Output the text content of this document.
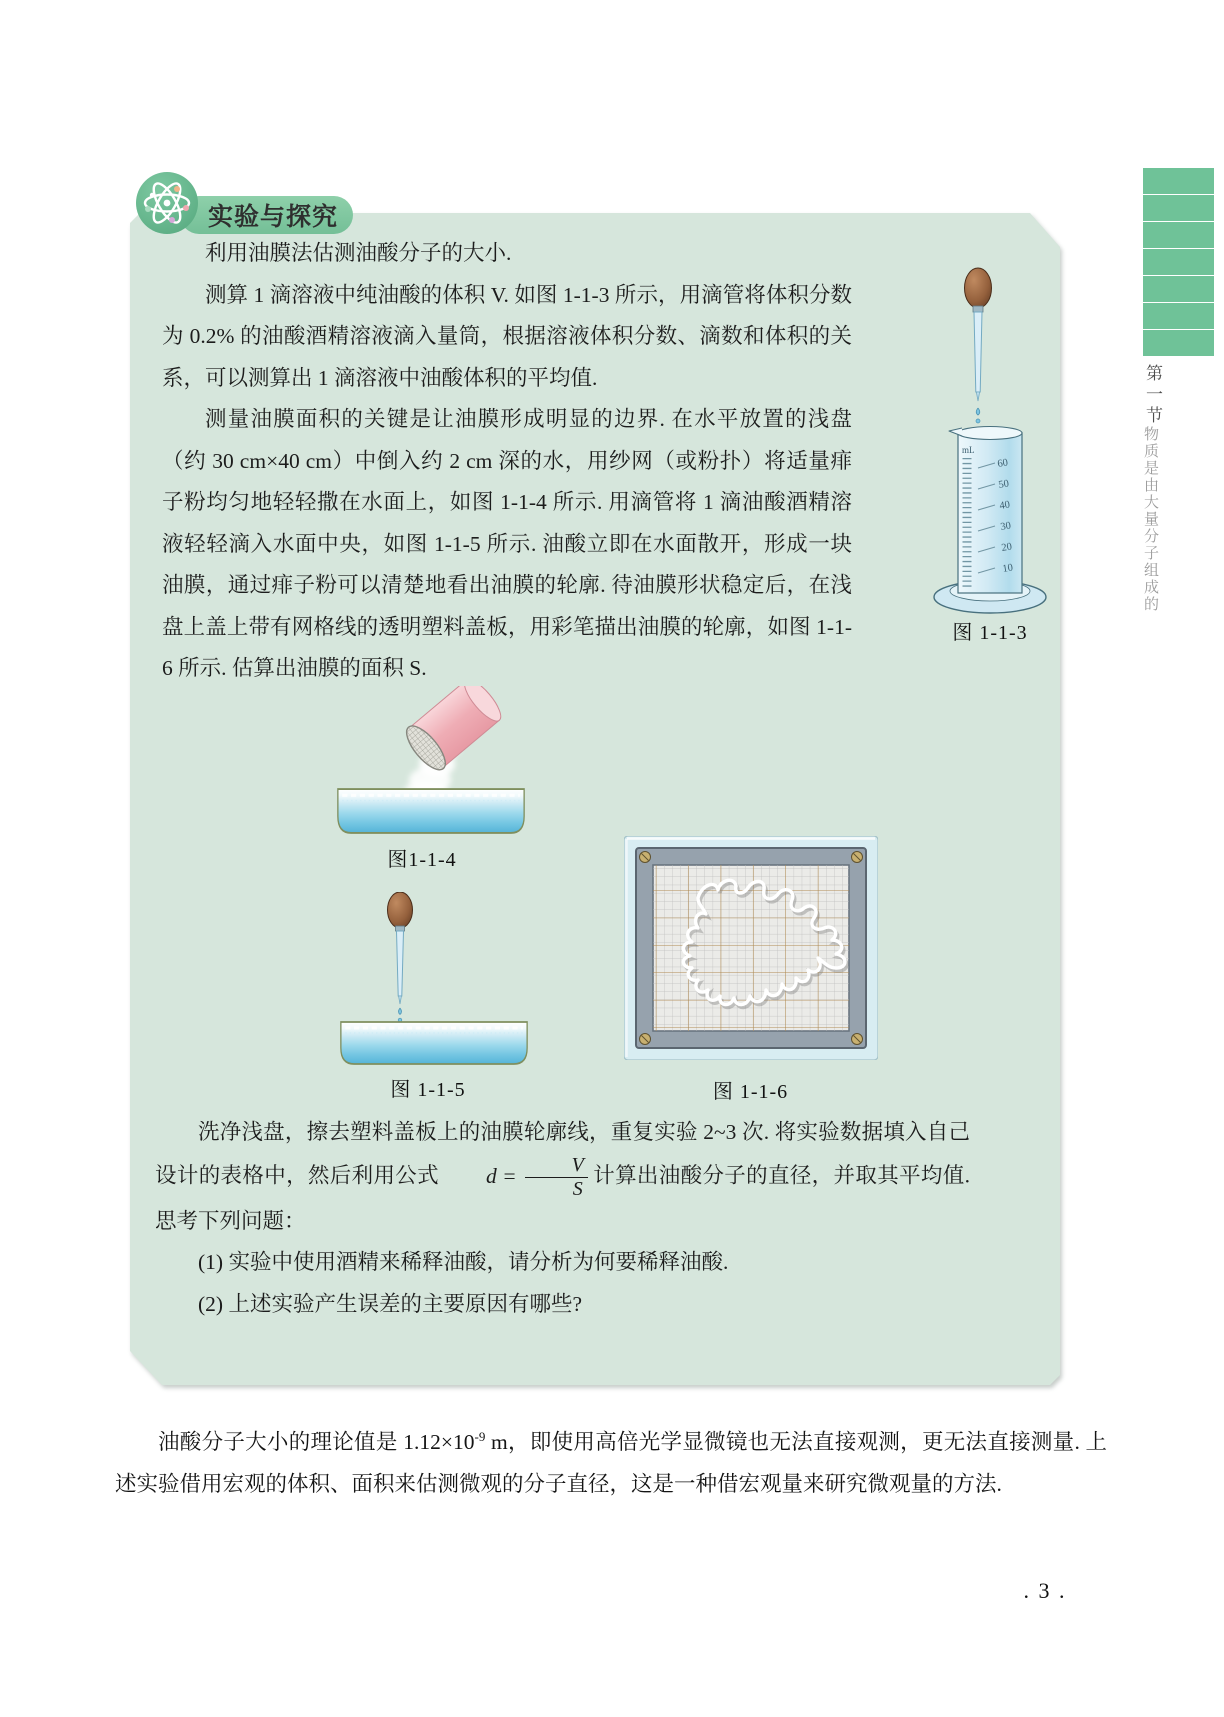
第一节
物质是由大量分子组成的
实验与探究

利用油膜法估测油酸分子的大小.

测算 1 滴溶液中纯油酸的体积 V. 如图 1-1-3 所示，用滴管将体积分数为 0.2% 的油酸酒精溶液滴入量筒，根据溶液体积分数、滴数和体积的关系，可以测算出 1 滴溶液中油酸体积的平均值.

测量油膜面积的关键是让油膜形成明显的边界. 在水平放置的浅盘（约 30 cm×40 cm）中倒入约 2 cm 深的水，用纱网（或粉扑）将适量痱子粉均匀地轻轻撒在水面上，如图 1-1-4 所示. 用滴管将 1 滴油酸酒精溶液轻轻滴入水面中央，如图 1-1-5 所示. 油酸立即在水面散开，形成一块油膜，通过痱子粉可以清楚地看出油膜的轮廓. 待油膜形状稳定后，在浅盘上盖上带有网格线的透明塑料盖板，用彩笔描出油膜的轮廓，如图 1-1-6 所示. 估算出油膜的面积 S.

mL
60
50
40
30
20
10
图 1-1-3
图1-1-4
图 1-1-5	图 1-1-6

洗净浅盘，擦去塑料盖板上的油膜轮廓线，重复实验 2~3 次. 将实验数据填入自己设计的表格中，然后利用公式	$d = \frac{V}{S}$ 计算出油酸分子的直径，并取其平均值. 思考下列问题：

(1) 实验中使用酒精来稀释油酸，请分析为何要稀释油酸.

(2) 上述实验产生误差的主要原因有哪些?

油酸分子大小的理论值是 $1.12\times 10^{-9}$ m，即使用高倍光学显微镜也无法直接观测，更无法直接测量. 上述实验借用宏观的体积、面积来估测微观的分子直径，这是一种借宏观量来研究微观量的方法.

. 3 .
